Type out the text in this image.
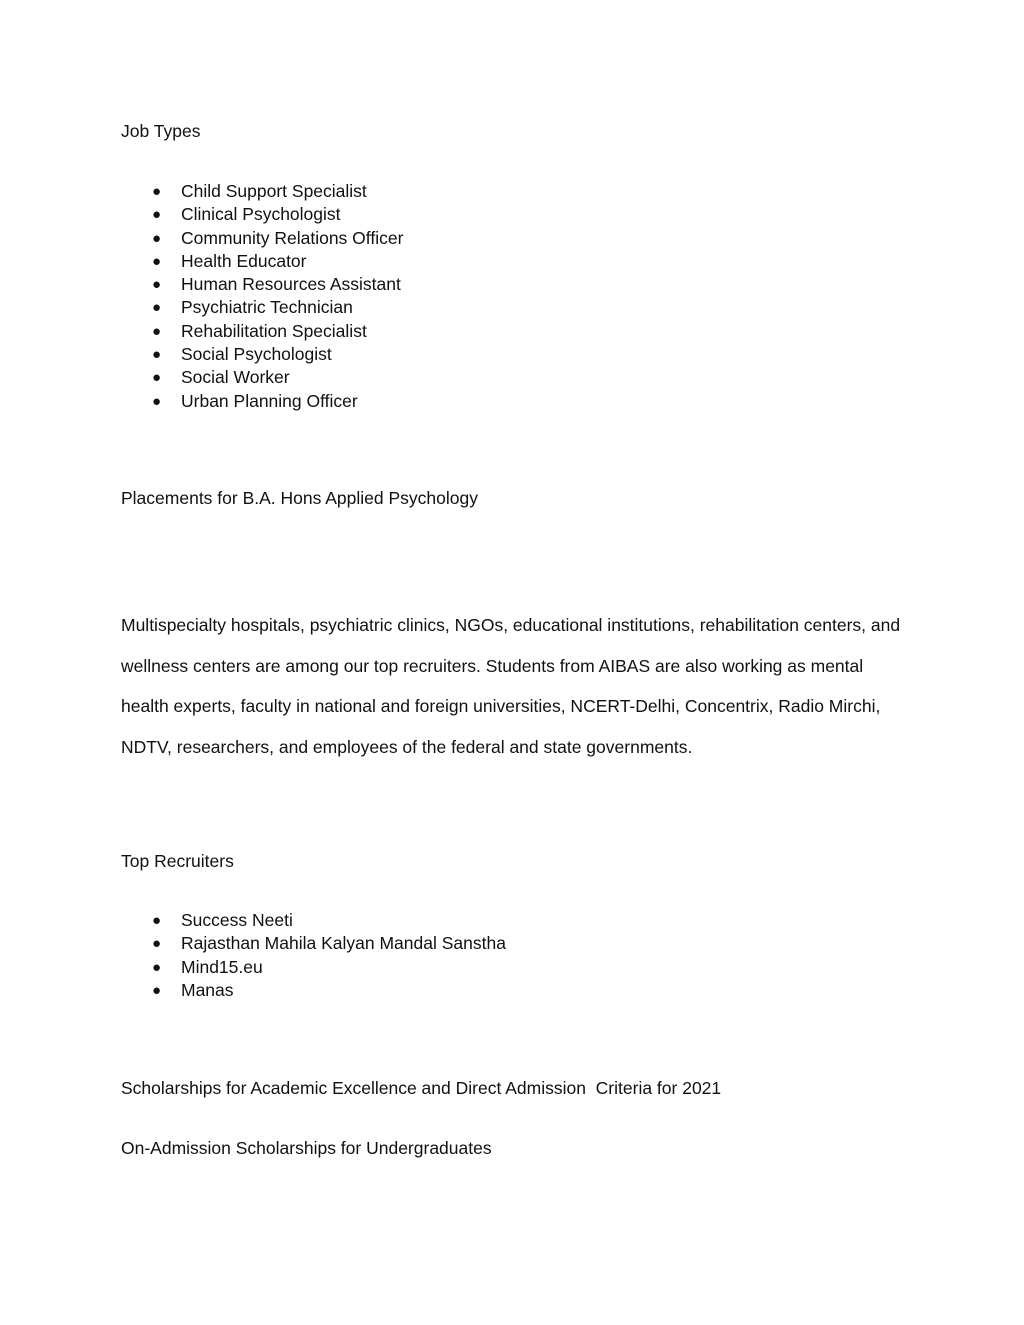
Job Types
● Child Support Specialist
● Clinical Psychologist
● Community Relations Officer
● Health Educator
● Human Resources Assistant
● Psychiatric Technician
● Rehabilitation Specialist
● Social Psychologist
● Social Worker
● Urban Planning Officer
Placements for B.A. Hons Applied Psychology

Multispecialty hospitals, psychiatric clinics, NGOs, educational institutions, rehabilitation centers, and wellness centers are among our top recruiters. Students from AIBAS are also working as mental health experts, faculty in national and foreign universities, NCERT-Delhi, Concentrix, Radio Mirchi, NDTV, researchers, and employees of the federal and state governments.

Top Recruiters
● Success Neeti
● Rajasthan Mahila Kalyan Mandal Sanstha
● Mind15.eu
● Manas
Scholarships for Academic Excellence and Direct Admission  Criteria for 2021
On-Admission Scholarships for Undergraduates
